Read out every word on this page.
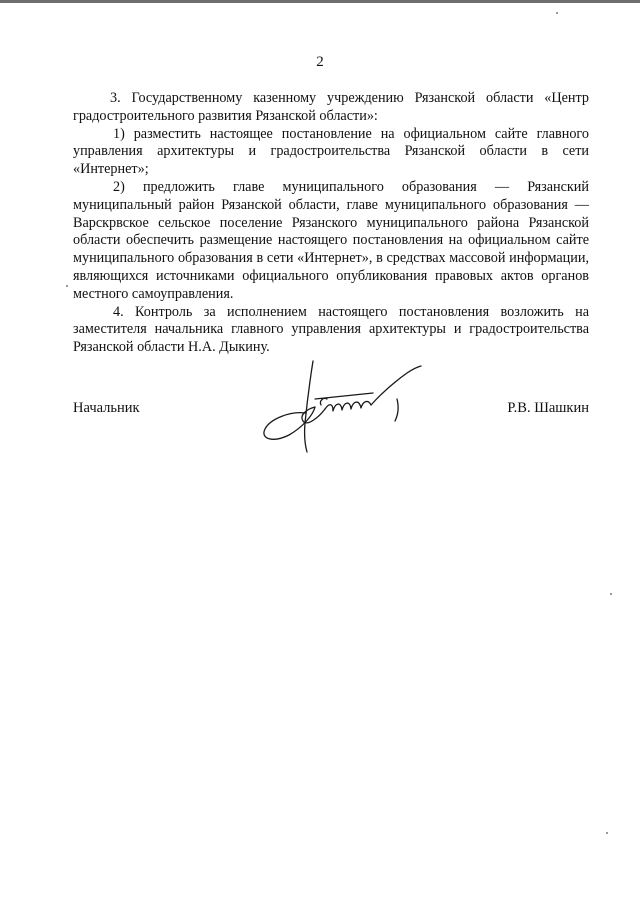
2

3. Государственному казенному учреждению Рязанской области «Центр градостроительного развития Рязанской области»:

1) разместить настоящее постановление на официальном сайте главного управления архитектуры и градостроительства Рязанской области в сети «Интернет»;

2) предложить главе муниципального образования — Рязанский муниципальный район Рязанской области, главе муниципального образования — Варскрвское сельское поселение Рязанского муниципального района Рязанской области обеспечить размещение настоящего постановления на официальном сайте муниципального образования в сети «Интернет», в средствах массовой информации, являющихся источниками официального опубликования правовых актов органов местного самоуправления.

4. Контроль за исполнением настоящего постановления возложить на заместителя начальника главного управления архитектуры и градостроительства Рязанской области Н.А. Дыкину.

Начальник	Р.В. Шашкин
